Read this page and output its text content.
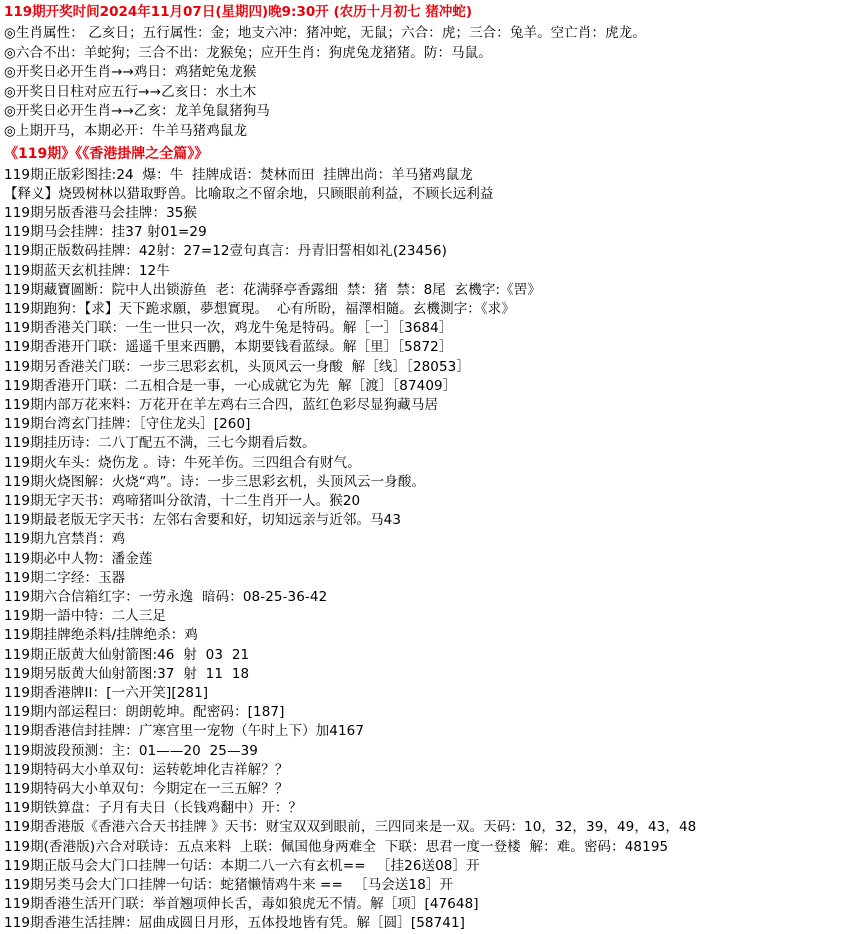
119期开奖时间2024年11月07日(星期四)晚9:30开 (农历十月初七 猪冲蛇)
◎生肖属性： 乙亥日；五行属性：金；地支六冲：猪冲蛇，无鼠；六合：虎；三合：兔羊。空亡肖：虎龙。
◎六合不出：羊蛇狗；三合不出：龙猴兔；应开生肖：狗虎兔龙猪猪。防：马鼠。
◎开奖日必开生肖→→鸡日：鸡猪蛇兔龙猴
◎开奖日日柱对应五行→→乙亥日：水土木
◎开奖日必开生肖→→乙亥：龙羊兔鼠猪狗马
◎上期开马，本期必开：牛羊马猪鸡鼠龙
《119期》《《香港掛牌之全篇》》
119期正版彩图挂:24  爆：牛  挂牌成语：焚林而田  挂牌出尚：羊马猪鸡鼠龙
【释义】烧毁树林以猎取野兽。比喻取之不留余地，只顾眼前利益，不顾长远利益
119期另版香港马会挂牌：35猴
119期马会挂牌：挂37 射01=29
119期正版数码挂牌：42射：27=12壹句真言：丹青旧誓相如礼(23456)
119期蓝天玄机挂牌：12牛
119期藏寶圖断：院中人出锁游鱼  老：花满驿亭香露细  禁：猪  禁：8尾  玄機字:《罟》
119期跑狗：【求】天下跪求願，夢想實現。  心有所盼，福澤相隨。玄機測字：《求》
119期香港关门联：一生一世只一次，鸡龙牛兔是特码。解［一］［3684］
119期香港开门联：遥遥千里来西鹏，本期要钱看蓝绿。解［里］［5872］
119期另香港关门联：一步三思彩玄机，头顶风云一身酸  解［线］［28053］
119期香港开门联：二五相合是一事，一心成就它为先  解［渡］［87409］
119期内部万花来料：万花开在羊左鸡右三合四，蓝红色彩尽显狗藏马居
119期台湾玄门挂牌：［守住龙头］[260]
119期挂历诗：二八丁配五不满，三七今期看后数。
119期火车头：烧伤龙 。诗：牛死羊伤。三四组合有财气。
119期火烧图解：火烧“鸡”。诗：一步三思彩玄机，头顶风云一身酸。
119期无字天书：鸡啼猪叫分欲清，十二生肖开一人。猴20
119期最老版无字天书：左邻右舍要和好，切知远亲与近邻。马43
119期九宫禁肖：鸡
119期必中人物：潘金莲
119期二字经：玉器
119期六合信箱红字：一劳永逸  暗码：08-25-36-42
119期一語中特：二人三足
119期挂牌绝杀料/挂牌绝杀：鸡
119期正版黄大仙射箭图:46  射  03  21
119期另版黄大仙射箭图:37  射  11  18
119期香港牌II：[一六开笑][281]
119期内部运程曰：朗朗乾坤。配密码：[187]
119期香港信封挂牌：广寒宫里一宠物（午时上下）加4167
119期波段预测：主：01——20  25—39
119期特码大小单双句：运转乾坤化吉祥解？？
119期特码大小单双句：今期定在一三五解？？
119期铁算盘：子月有夫日（长钱鸡翻中）开：？
119期香港版《香港六合天书挂牌 》天书：财宝双双到眼前，三四同来是一双。天码：10，32，39，49，43，48
119期(香港版)六合对联诗：五点来料  上联：佩国他身两难全  下联：思君一度一登楼  解：难。密码：48195
119期正版马会大门口挂牌一句话：本期二八一六有玄机== 　［挂26送08］开
119期另类马会大门口挂牌一句话：蛇猪懒情鸡牛来 == 　［马会送18］开
119期香港生活开门联：举首翘项伸长舌，毒如狼虎无不情。解［项］[47648]
119期香港生活挂牌：屈曲成圆日月形，五体投地皆有凭。解［圆］[58741]
